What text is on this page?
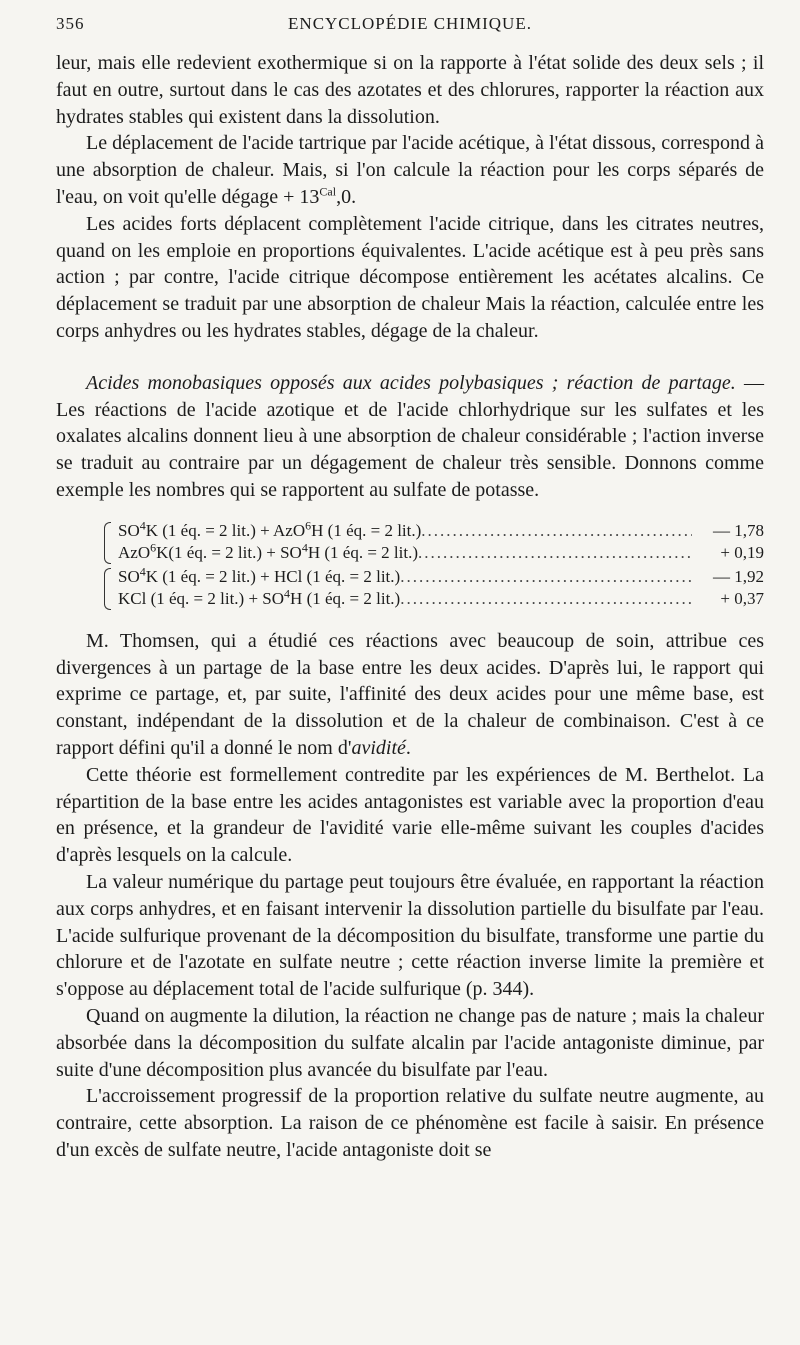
356	ENCYCLOPÉDIE CHIMIQUE.

leur, mais elle redevient exothermique si on la rapporte à l'état solide des deux sels ; il faut en outre, surtout dans le cas des azotates et des chlorures, rapporter la réaction aux hydrates stables qui existent dans la dissolution.

Le déplacement de l'acide tartrique par l'acide acétique, à l'état dissous, correspond à une absorption de chaleur. Mais, si l'on calcule la réaction pour les corps séparés de l'eau, on voit qu'elle dégage + $13^{Cal},0$.

Les acides forts déplacent complètement l'acide citrique, dans les citrates neutres, quand on les emploie en proportions équivalentes. L'acide acétique est à peu près sans action ; par contre, l'acide citrique décompose entièrement les acétates alcalins. Ce déplacement se traduit par une absorption de chaleur Mais la réaction, calculée entre les corps anhydres ou les hydrates stables, dégage de la chaleur.

Acides monobasiques opposés aux acides polybasiques ; réaction de partage. — Les réactions de l'acide azotique et de l'acide chlorhydrique sur les sulfates et les oxalates alcalins donnent lieu à une absorption de chaleur considérable ; l'action inverse se traduit au contraire par un dégagement de chaleur très sensible. Donnons comme exemple les nombres qui se rapportent au sulfate de potasse.

$SO^4K$ (1 éq. = 2 lit.) + AzO$^6$H (1 éq. = 2 lit.) .....	— 1,78
AzO$^6$K(1 éq. = 2 $lit.) + SO^4H$ (1 éq. = 2 lit.) .....	+ 0,19
$SO^4K$ (1 éq. = 2 lit.) + HCl (1 éq. = 2 lit.) .....	— 1,92
KCl (1 éq. = 2 $lit.) + SO^4H$ (1 éq. = 2 lit.) .....	+ 0,37

M. Thomsen, qui a étudié ces réactions avec beaucoup de soin, attribue ces divergences à un partage de la base entre les deux acides. D'après lui, le rapport qui exprime ce partage, et, par suite, l'affinité des deux acides pour une même base, est constant, indépendant de la dissolution et de la chaleur de combinaison. C'est à ce rapport défini qu'il a donné le nom d'avidité.

Cette théorie est formellement contredite par les expériences de M. Berthelot. La répartition de la base entre les acides antagonistes est variable avec la proportion d'eau en présence, et la grandeur de l'avidité varie elle-même suivant les couples d'acides d'après lesquels on la calcule.

La valeur numérique du partage peut toujours être évaluée, en rapportant la réaction aux corps anhydres, et en faisant intervenir la dissolution partielle du bisulfate par l'eau. L'acide sulfurique provenant de la décomposition du bisulfate, transforme une partie du chlorure et de l'azotate en sulfate neutre ; cette réaction inverse limite la première et s'oppose au déplacement total de l'acide sulfurique (p. 344).

Quand on augmente la dilution, la réaction ne change pas de nature ; mais la chaleur absorbée dans la décomposition du sulfate alcalin par l'acide antagoniste diminue, par suite d'une décomposition plus avancée du bisulfate par l'eau.

L'accroissement progressif de la proportion relative du sulfate neutre augmente, au contraire, cette absorption. La raison de ce phénomène est facile à saisir. En présence d'un excès de sulfate neutre, l'acide antagoniste doit se
